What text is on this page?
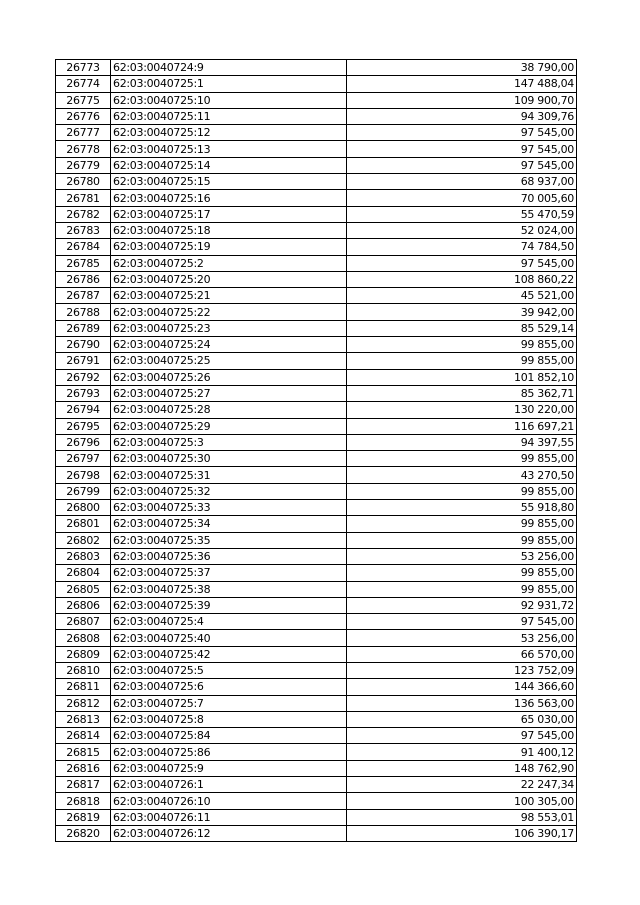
26773	62:03:0040724:9	38 790,00
26774	62:03:0040725:1	147 488,04
26775	62:03:0040725:10	109 900,70
26776	62:03:0040725:11	94 309,76
26777	62:03:0040725:12	97 545,00
26778	62:03:0040725:13	97 545,00
26779	62:03:0040725:14	97 545,00
26780	62:03:0040725:15	68 937,00
26781	62:03:0040725:16	70 005,60
26782	62:03:0040725:17	55 470,59
26783	62:03:0040725:18	52 024,00
26784	62:03:0040725:19	74 784,50
26785	62:03:0040725:2	97 545,00
26786	62:03:0040725:20	108 860,22
26787	62:03:0040725:21	45 521,00
26788	62:03:0040725:22	39 942,00
26789	62:03:0040725:23	85 529,14
26790	62:03:0040725:24	99 855,00
26791	62:03:0040725:25	99 855,00
26792	62:03:0040725:26	101 852,10
26793	62:03:0040725:27	85 362,71
26794	62:03:0040725:28	130 220,00
26795	62:03:0040725:29	116 697,21
26796	62:03:0040725:3	94 397,55
26797	62:03:0040725:30	99 855,00
26798	62:03:0040725:31	43 270,50
26799	62:03:0040725:32	99 855,00
26800	62:03:0040725:33	55 918,80
26801	62:03:0040725:34	99 855,00
26802	62:03:0040725:35	99 855,00
26803	62:03:0040725:36	53 256,00
26804	62:03:0040725:37	99 855,00
26805	62:03:0040725:38	99 855,00
26806	62:03:0040725:39	92 931,72
26807	62:03:0040725:4	97 545,00
26808	62:03:0040725:40	53 256,00
26809	62:03:0040725:42	66 570,00
26810	62:03:0040725:5	123 752,09
26811	62:03:0040725:6	144 366,60
26812	62:03:0040725:7	136 563,00
26813	62:03:0040725:8	65 030,00
26814	62:03:0040725:84	97 545,00
26815	62:03:0040725:86	91 400,12
26816	62:03:0040725:9	148 762,90
26817	62:03:0040726:1	22 247,34
26818	62:03:0040726:10	100 305,00
26819	62:03:0040726:11	98 553,01
26820	62:03:0040726:12	106 390,17
